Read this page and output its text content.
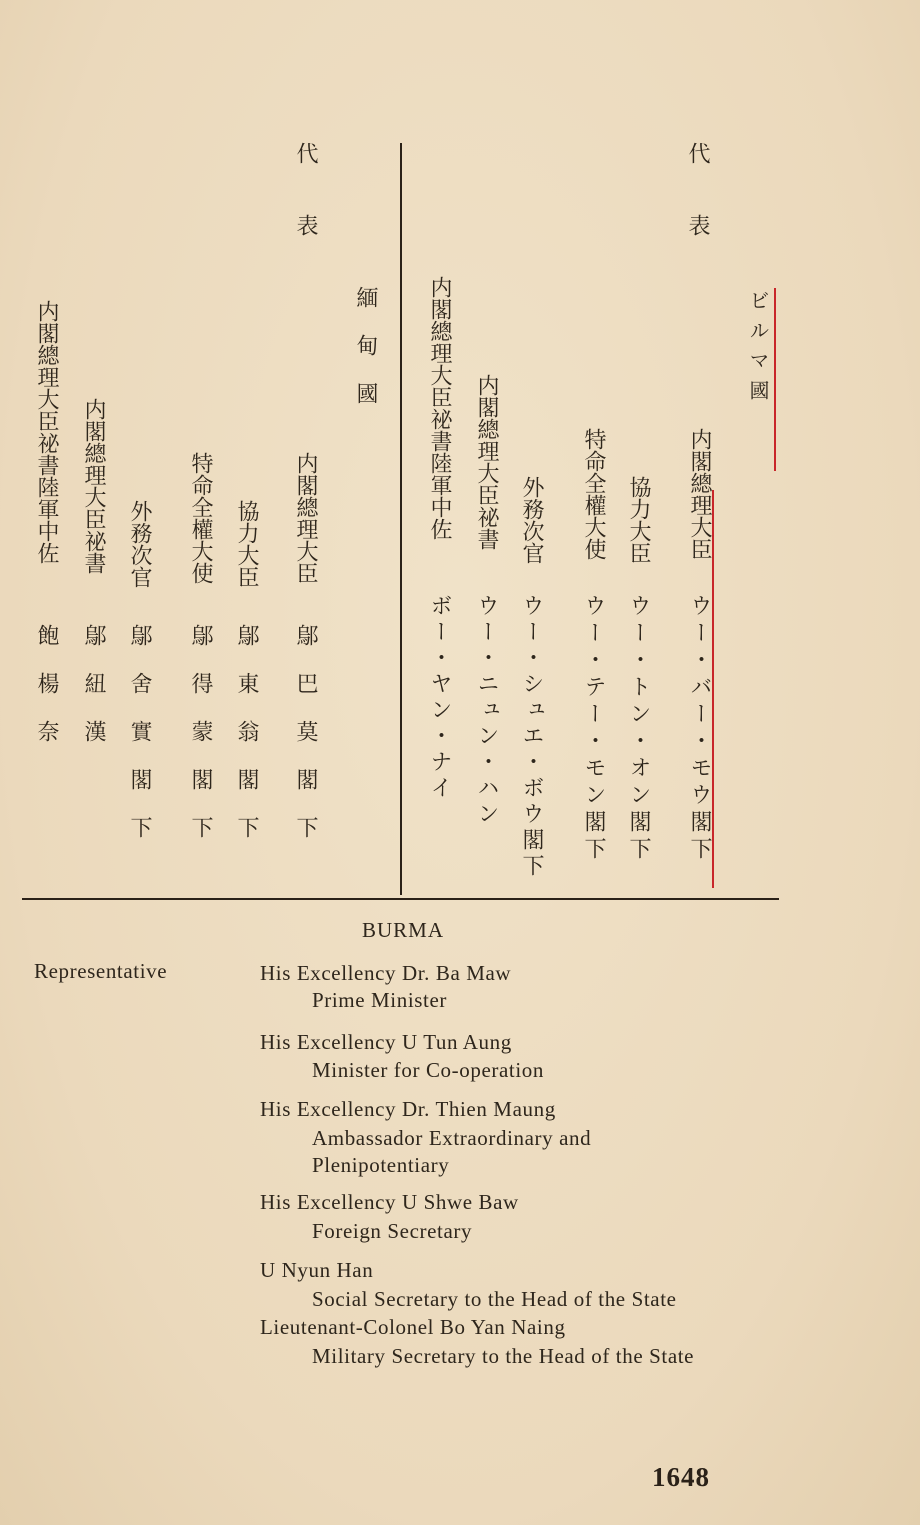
代表
ビルマ國
内閣總理大臣
ウー・バー・モウ閣下
協力大臣
ウー・トン・オン閣下
特命全權大使
ウー・テー・モン閣下
外務次官
ウー・シュエ・ボウ閣下
内閣總理大臣祕書
ウー・ニュン・ハン
内閣總理大臣祕書陸軍中佐
ボー・ヤン・ナイ
代表
緬甸國
内閣總理大臣
鄔巴莫閣下
協力大臣
鄔東翁閣下
特命全權大使
鄔得蒙閣下
外務次官
鄔舍實閣下
内閣總理大臣祕書
鄔紐漢
内閣總理大臣祕書陸軍中佐
飽楊奈
BURMA
Representative	His Excellency Dr. Ba Maw
Prime Minister
His Excellency U Tun Aung
Minister for Co-operation
His Excellency Dr. Thien Maung
Ambassador Extraordinary and
Plenipotentiary
His Excellency U Shwe Baw
Foreign Secretary
U Nyun Han
Social Secretary to the Head of the State
Lieutenant-Colonel Bo Yan Naing
Military Secretary to the Head of the State
1648
